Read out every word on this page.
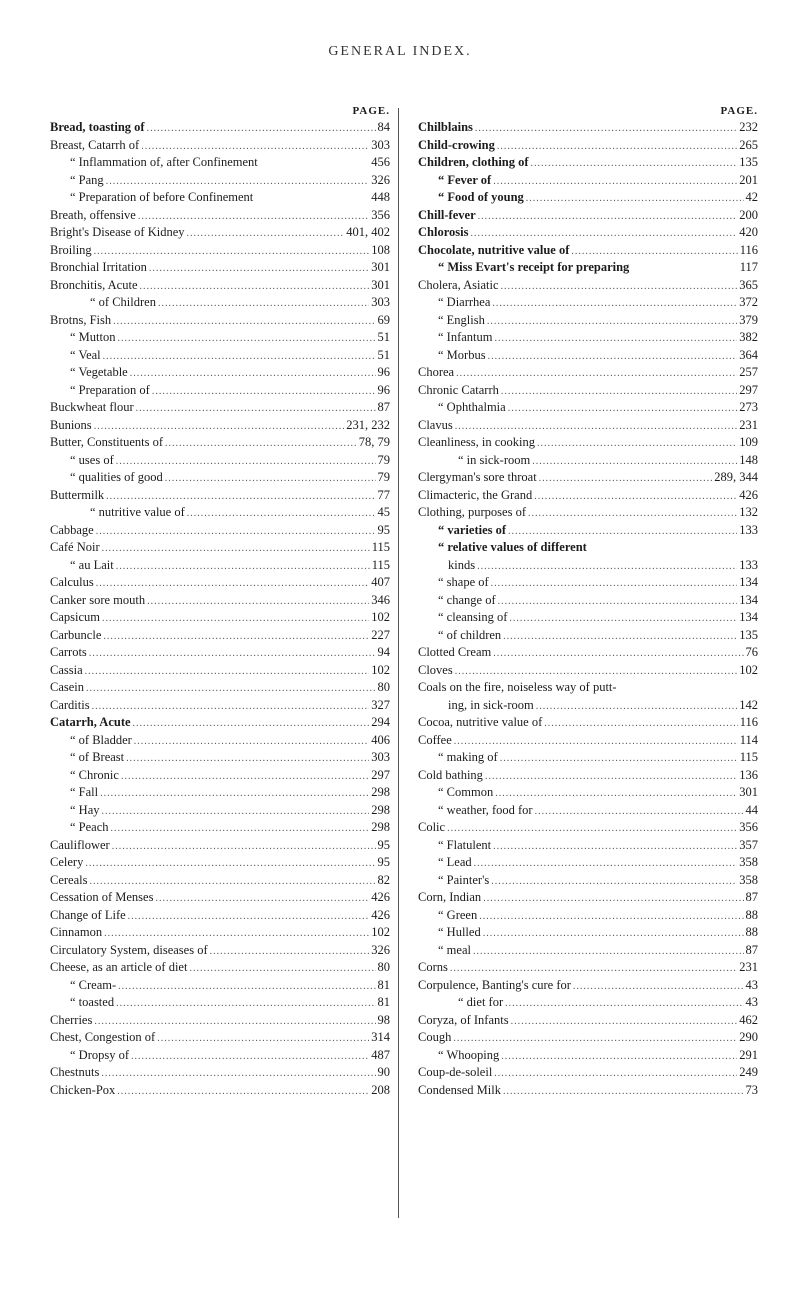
GENERAL INDEX.
PAGE.
Bread, toasting of .....	84
Breast, Catarrh of .....	303
“ Inflammation of, after Confinement	456
“ Pang .....	326
“ Preparation of before Confinement	448
Breath, offensive .....	356
Bright's Disease of Kidney .....	401, 402
Broiling .....	108
Bronchial Irritation .....	301
Bronchitis, Acute .....	301
“ of Children .....	303
Brotns, Fish .....	69
“ Mutton .....	51
“ Veal .....	51
“ Vegetable .....	96
“ Preparation of .....	96
Buckwheat flour .....	87
Bunions .....	231, 232
Butter, Constituents of .....	78, 79
“ uses of .....	79
“ qualities of good .....	79
Buttermilk .....	77
“ nutritive value of .....	45
Cabbage .....	95
Café Noir .....	115
“ au Lait .....	115
Calculus .....	407
Canker sore mouth .....	346
Capsicum .....	102
Carbuncle .....	227
Carrots .....	94
Cassia .....	102
Casein .....	80
Carditis .....	327
Catarrh, Acute .....	294
“ of Bladder .....	406
“ of Breast .....	303
“ Chronic .....	297
“ Fall .....	298
“ Hay .....	298
“ Peach .....	298
Cauliflower .....	95
Celery .....	95
Cereals .....	82
Cessation of Menses .....	426
Change of Life .....	426
Cinnamon .....	102
Circulatory System, diseases of .....	326
Cheese, as an article of diet .....	80
“ Cream- .....	81
“ toasted .....	81
Cherries .....	98
Chest, Congestion of .....	314
“ Dropsy of .....	487
Chestnuts .....	90
Chicken-Pox .....	208
PAGE.
Chilblains .....	232
Child-crowing .....	265
Children, clothing of .....	135
“ Fever of .....	201
“ Food of young .....	42
Chill-fever .....	200
Chlorosis .....	420
Chocolate, nutritive value of .....	116
“ Miss Evart's receipt for preparing	117
Cholera, Asiatic .....	365
“ Diarrhea .....	372
“ English .....	379
“ Infantum .....	382
“ Morbus .....	364
Chorea .....	257
Chronic Catarrh .....	297
“ Ophthalmia .....	273
Clavus .....	231
Cleanliness, in cooking .....	109
“ in sick-room .....	148
Clergyman's sore throat .....	289, 344
Climacteric, the Grand .....	426
Clothing, purposes of .....	132
“ varieties of .....	133
“ relative values of different
kinds .....	133
“ shape of .....	134
“ change of .....	134
“ cleansing of .....	134
“ of children .....	135
Clotted Cream .....	76
Cloves .....	102
Coals on the fire, noiseless way of putt-
ing, in sick-room .....	142
Cocoa, nutritive value of .....	116
Coffee .....	114
“ making of .....	115
Cold bathing .....	136
“ Common .....	301
“ weather, food for .....	44
Colic .....	356
“ Flatulent .....	357
“ Lead .....	358
“ Painter's .....	358
Corn, Indian .....	87
“ Green .....	88
“ Hulled .....	88
“ meal .....	87
Corns .....	231
Corpulence, Banting's cure for .....	43
“ diet for .....	43
Coryza, of Infants .....	462
Cough .....	290
“ Whooping .....	291
Coup-de-soleil .....	249
Condensed Milk .....	73
